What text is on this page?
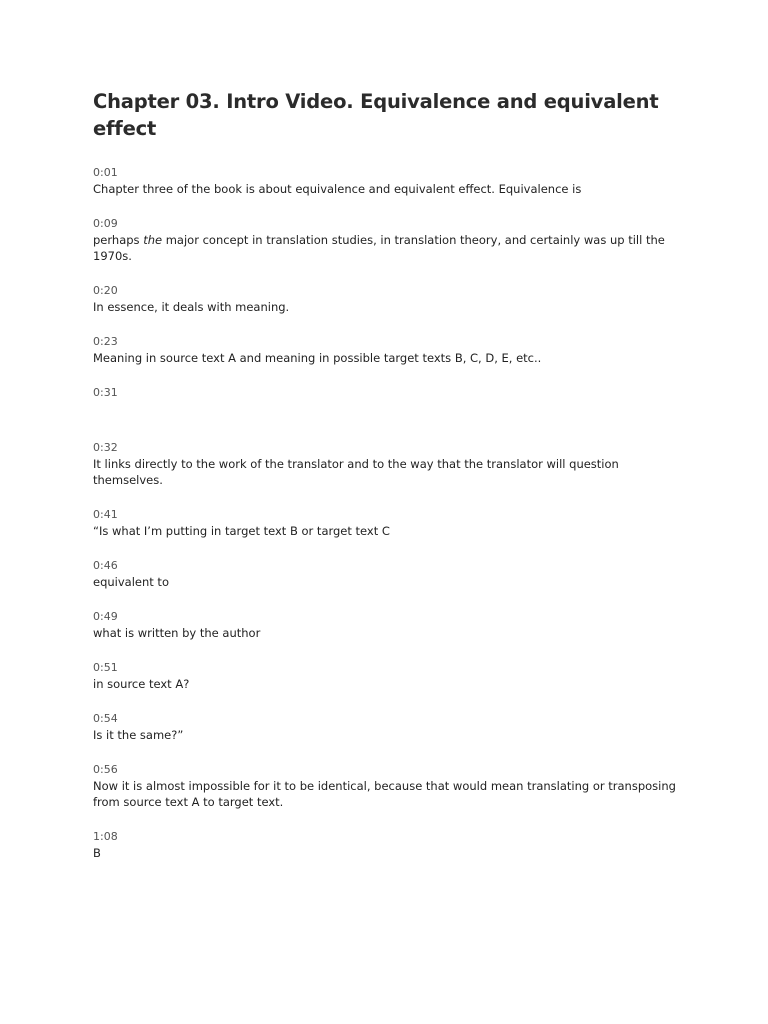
Chapter 03. Intro Video. Equivalence and equivalent effect
0:01
Chapter three of the book is about equivalence and equivalent effect. Equivalence is
0:09
perhaps the major concept in translation studies, in translation theory, and certainly was up till the 1970s.
0:20
In essence, it deals with meaning.
0:23
Meaning in source text A and meaning in possible target texts B, C, D, E, etc..
0:31
0:32
It links directly to the work of the translator and to the way that the translator will question themselves.
0:41
“Is what I’m putting in target text B or target text C
0:46
equivalent to
0:49
what is written by the author
0:51
in source text A?
0:54
Is it the same?”
0:56
Now it is almost impossible for it to be identical, because that would mean translating or transposing from source text A to target text.
1:08
B
